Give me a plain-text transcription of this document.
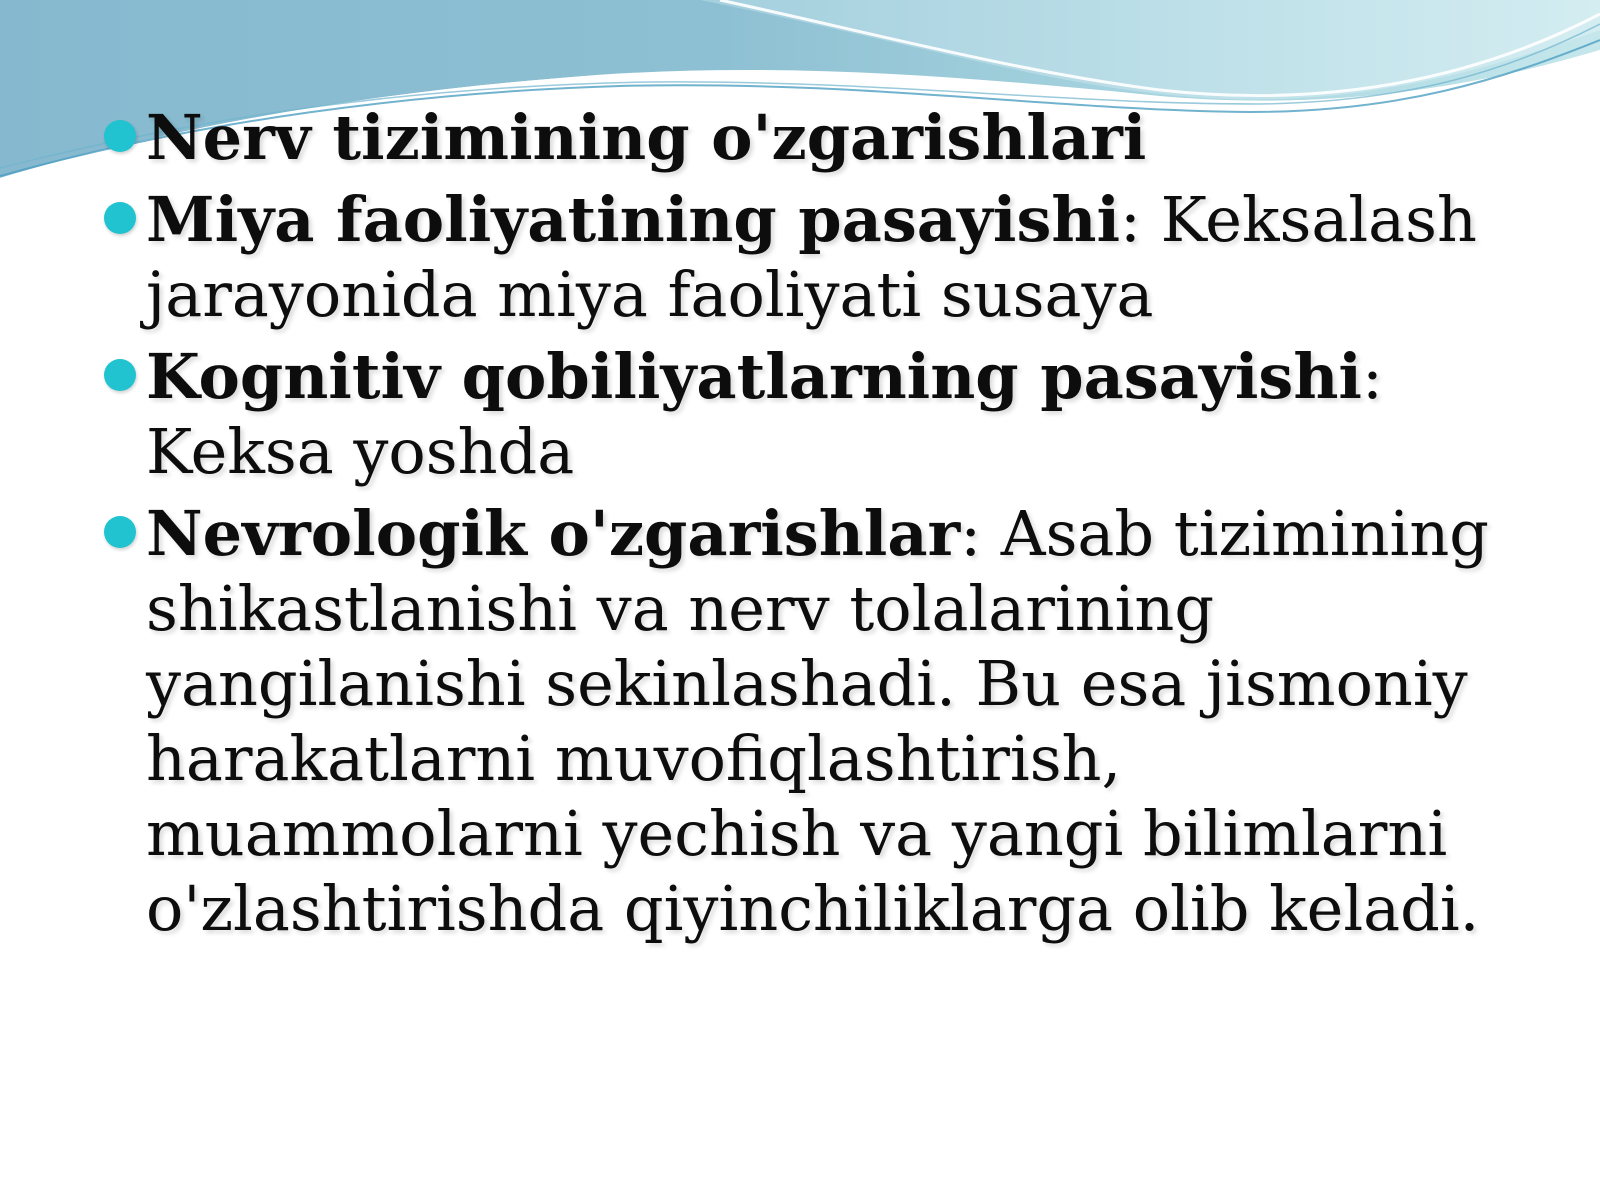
Nerv tizimining o'zgarishlari
Miya faoliyatining pasayishi: Keksalash jarayonida miya faoliyati susaya
Kognitiv qobiliyatlarning pasayishi: Keksa yoshda
Nevrologik o'zgarishlar: Asab tizimining shikastlanishi va nerv tolalarining yangilanishi sekinlashadi. Bu esa jismoniy harakatlarni muvofiqlashtirish, muammolarni yechish va yangi bilimlarni o'zlashtirishda qiyinchiliklarga olib keladi.
